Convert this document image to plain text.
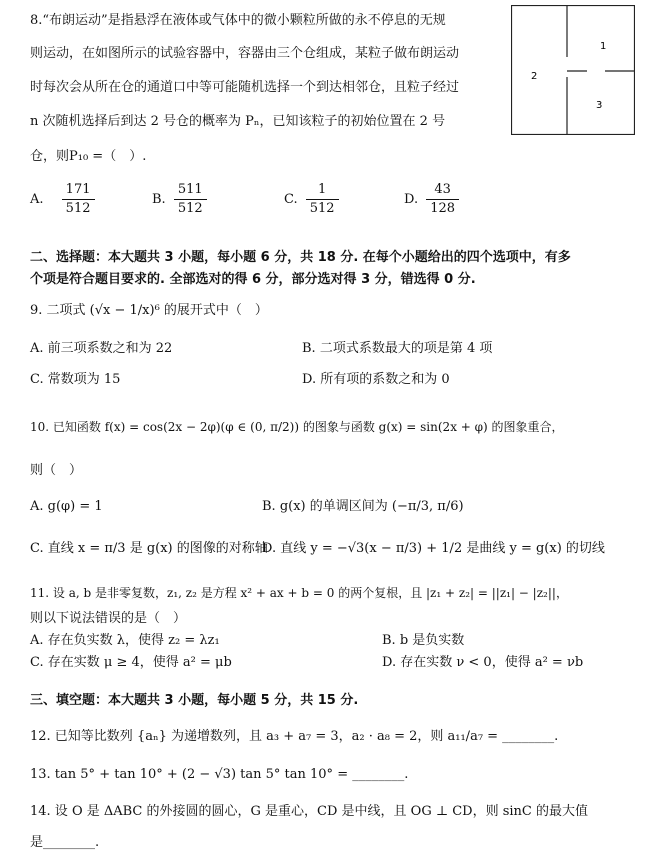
8.“布朗运动”是指悬浮在液体或气体中的微小颗粒所做的永不停息的无规
则运动，在如图所示的试验容器中，容器由三个仓组成，某粒子做布朗运动
时每次会从所在仓的通道口中等可能随机选择一个到达相邻仓，且粒子经过
n 次随机选择后到达 2 号仓的概率为 Pₙ，已知该粒子的初始位置在 2 号
仓，则P₁₀ =（　）.
1
2
3
A. $\frac{171}{512}$	B. $\frac{511}{512}$	C. $\frac{1}{512}$	D. $\frac{43}{128}$
二、选择题：本大题共 3 小题，每小题 6 分，共 18 分. 在每个小题给出的四个选项中，有多
个项是符合题目要求的. 全部选对的得 6 分，部分选对得 3 分，错选得 0 分.
9. 二项式 (√x − 1/x)⁶ 的展开式中（　）
A. 前三项系数之和为 22	B. 二项式系数最大的项是第 4 项
C. 常数项为 15	D. 所有项的系数之和为 0
10. 已知函数 f(x) = cos(2x − 2φ)(φ ∈ (0, π/2)) 的图象与函数 g(x) = sin(2x + φ) 的图象重合，
则（　）
A. g(φ) = 1	B. g(x) 的单调区间为 (−π/3, π/6)
C. 直线 x = π/3 是 g(x) 的图像的对称轴
D. 直线 y = −√3(x − π/3) + 1/2 是曲线 y = g(x) 的切线
11. 设 a, b 是非零复数，z₁, z₂ 是方程 x² + ax + b = 0 的两个复根，且 |z₁ + z₂| = ||z₁| − |z₂||，
则以下说法错误的是（　）
A. 存在负实数 λ，使得 z₂ = λz₁	B. b 是负实数
C. 存在实数 μ ≥ 4，使得 a² = μb	D. 存在实数 ν < 0，使得 a² = νb
三、填空题：本大题共 3 小题，每小题 5 分，共 15 分.
12. 已知等比数列 {aₙ} 为递增数列，且 a₃ + a₇ = 3，a₂ · a₈ = 2，则 a₁₁/a₇ = ________.
13. tan 5° + tan 10° + (2 − √3) tan 5° tan 10° = ________.
14. 设 O 是 ΔABC 的外接圆的圆心，G 是重心，CD 是中线，且 OG ⊥ CD，则 sinC 的最大值
是________.
